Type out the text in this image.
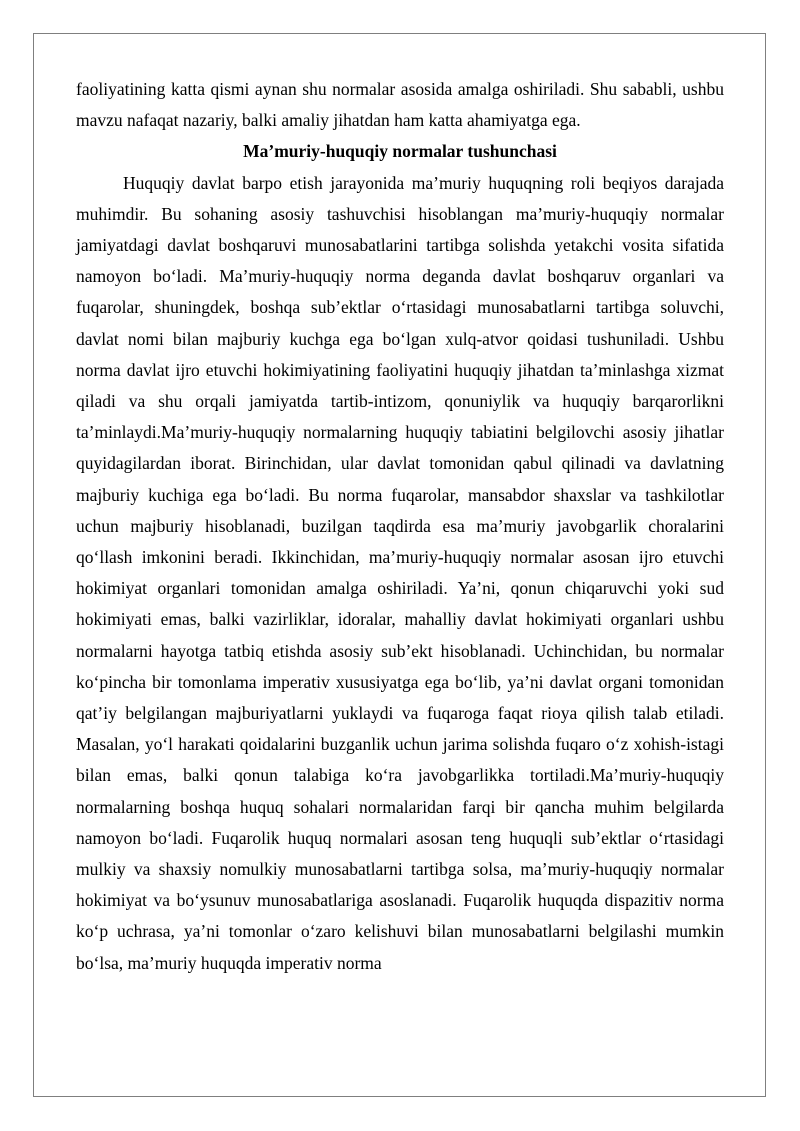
faoliyatining katta qismi aynan shu normalar asosida amalga oshiriladi. Shu sababli, ushbu mavzu nafaqat nazariy, balki amaliy jihatdan ham katta ahamiyatga ega.

Ma’muriy-huquqiy normalar tushunchasi

Huquqiy davlat barpo etish jarayonida ma’muriy huquqning roli beqiyos darajada muhimdir. Bu sohaning asosiy tashuvchisi hisoblangan ma’muriy-huquqiy normalar jamiyatdagi davlat boshqaruvi munosabatlarini tartibga solishda yetakchi vosita sifatida namoyon bo‘ladi. Ma’muriy-huquqiy norma deganda davlat boshqaruv organlari va fuqarolar, shuningdek, boshqa sub’ektlar o‘rtasidagi munosabatlarni tartibga soluvchi, davlat nomi bilan majburiy kuchga ega bo‘lgan xulq-atvor qoidasi tushuniladi. Ushbu norma davlat ijro etuvchi hokimiyatining faoliyatini huquqiy jihatdan ta’minlashga xizmat qiladi va shu orqali jamiyatda tartib-intizom, qonuniylik va huquqiy barqarorlikni ta’minlaydi.Ma’muriy-huquqiy normalarning huquqiy tabiatini belgilovchi asosiy jihatlar quyidagilardan iborat. Birinchidan, ular davlat tomonidan qabul qilinadi va davlatning majburiy kuchiga ega bo‘ladi. Bu norma fuqarolar, mansabdor shaxslar va tashkilotlar uchun majburiy hisoblanadi, buzilgan taqdirda esa ma’muriy javobgarlik choralarini qo‘llash imkonini beradi. Ikkinchidan, ma’muriy-huquqiy normalar asosan ijro etuvchi hokimiyat organlari tomonidan amalga oshiriladi. Ya’ni, qonun chiqaruvchi yoki sud hokimiyati emas, balki vazirliklar, idoralar, mahalliy davlat hokimiyati organlari ushbu normalarni hayotga tatbiq etishda asosiy sub’ekt hisoblanadi. Uchinchidan, bu normalar ko‘pincha bir tomonlama imperativ xususiyatga ega bo‘lib, ya’ni davlat organi tomonidan qat’iy belgilangan majburiyatlarni yuklaydi va fuqaroga faqat rioya qilish talab etiladi. Masalan, yo‘l harakati qoidalarini buzganlik uchun jarima solishda fuqaro o‘z xohish-istagi bilan emas, balki qonun talabiga ko‘ra javobgarlikka tortiladi.Ma’muriy-huquqiy normalarning boshqa huquq sohalari normalaridan farqi bir qancha muhim belgilarda namoyon bo‘ladi. Fuqarolik huquq normalari asosan teng huquqli sub’ektlar o‘rtasidagi mulkiy va shaxsiy nomulkiy munosabatlarni tartibga solsa, ma’muriy-huquqiy normalar hokimiyat va bo‘ysunuv munosabatlariga asoslanadi. Fuqarolik huquqda dispazitiv norma ko‘p uchrasa, ya’ni tomonlar o‘zaro kelishuvi bilan munosabatlarni belgilashi mumkin bo‘lsa, ma’muriy huquqda imperativ norma
